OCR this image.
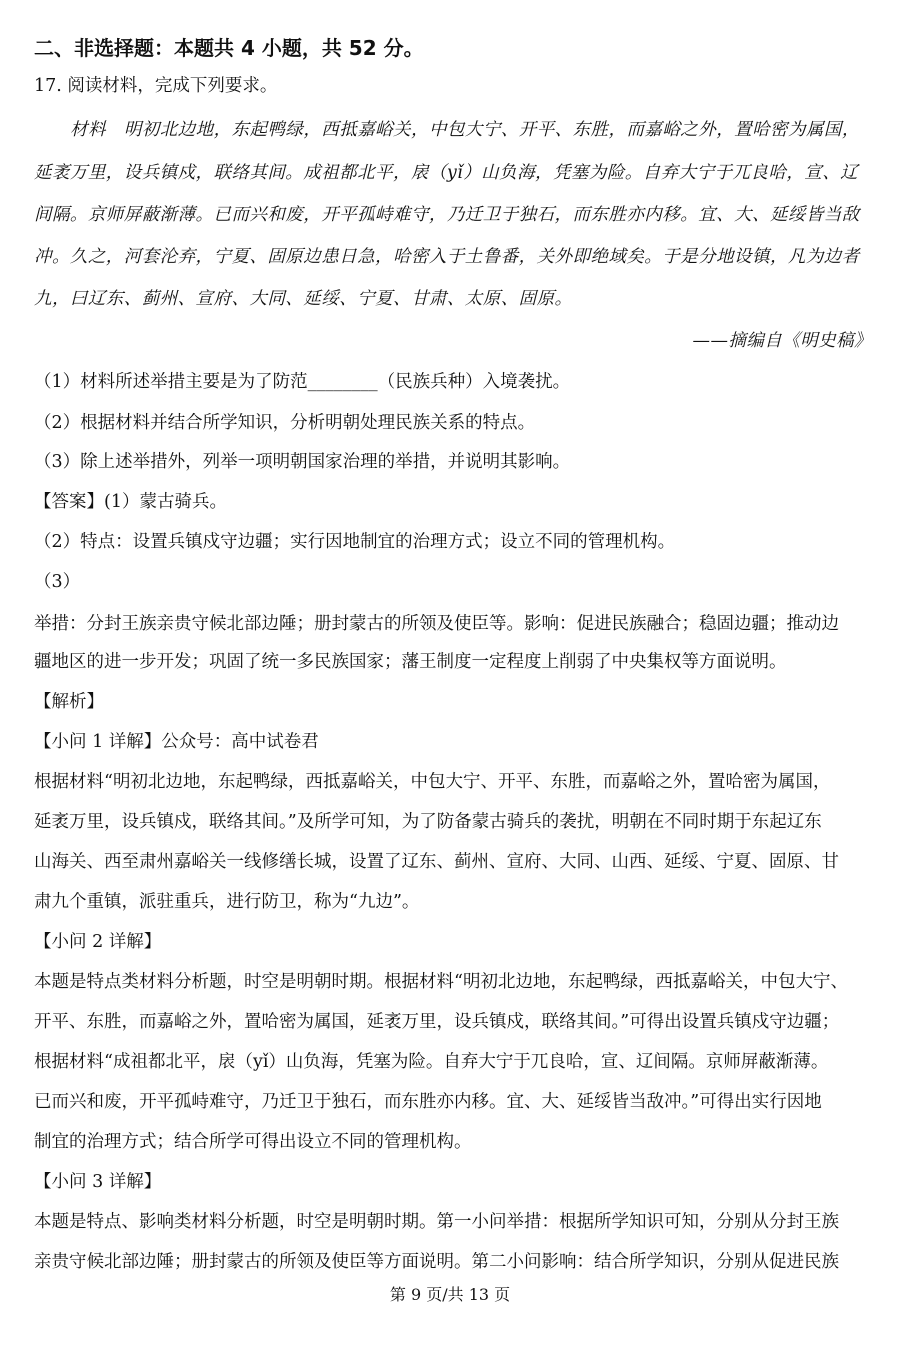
二、非选择题：本题共 4 小题，共 52 分。
17. 阅读材料，完成下列要求。
材料　明初北边地，东起鸭绿，西抵嘉峪关，中包大宁、开平、东胜，而嘉峪之外，置哈密为属国，
延袤万里，设兵镇戍，联络其间。成祖都北平，扆（yǐ）山负海，凭塞为险。自弃大宁于兀良哈，宣、辽
间隔。京师屏蔽渐薄。已而兴和废，开平孤峙难守，乃迁卫于独石，而东胜亦内移。宜、大、延绥皆当敌
冲。久之，河套沦弃，宁夏、固原边患日急，哈密入于土鲁番，关外即绝域矣。于是分地设镇，凡为边者
九，曰辽东、蓟州、宣府、大同、延绥、宁夏、甘肃、太原、固原。
——摘编自《明史稿》
（1）材料所述举措主要是为了防范________（民族兵种）入境袭扰。
（2）根据材料并结合所学知识，分析明朝处理民族关系的特点。
（3）除上述举措外，列举一项明朝国家治理的举措，并说明其影响。
【答案】(1）蒙古骑兵。
（2）特点：设置兵镇戍守边疆；实行因地制宜的治理方式；设立不同的管理机构。
（3）
举措：分封王族亲贵守候北部边陲；册封蒙古的所领及使臣等。影响：促进民族融合；稳固边疆；推动边
疆地区的进一步开发；巩固了统一多民族国家；藩王制度一定程度上削弱了中央集权等方面说明。
【解析】
【小问 1 详解】公众号：高中试卷君
根据材料“明初北边地，东起鸭绿，西抵嘉峪关，中包大宁、开平、东胜，而嘉峪之外，置哈密为属国，
延袤万里，设兵镇戍，联络其间。”及所学可知，为了防备蒙古骑兵的袭扰，明朝在不同时期于东起辽东
山海关、西至肃州嘉峪关一线修缮长城，设置了辽东、蓟州、宣府、大同、山西、延绥、宁夏、固原、甘
肃九个重镇，派驻重兵，进行防卫，称为“九边”。
【小问 2 详解】
本题是特点类材料分析题，时空是明朝时期。根据材料“明初北边地，东起鸭绿，西抵嘉峪关，中包大宁、
开平、东胜，而嘉峪之外，置哈密为属国，延袤万里，设兵镇戍，联络其间。”可得出设置兵镇戍守边疆；
根据材料“成祖都北平，扆（yǐ）山负海，凭塞为险。自弃大宁于兀良哈，宣、辽间隔。京师屏蔽渐薄。
已而兴和废，开平孤峙难守，乃迁卫于独石，而东胜亦内移。宜、大、延绥皆当敌冲。”可得出实行因地
制宜的治理方式；结合所学可得出设立不同的管理机构。
【小问 3 详解】
本题是特点、影响类材料分析题，时空是明朝时期。第一小问举措：根据所学知识可知，分别从分封王族
亲贵守候北部边陲；册封蒙古的所领及使臣等方面说明。第二小问影响：结合所学知识，分别从促进民族
第 9 页/共 13 页
